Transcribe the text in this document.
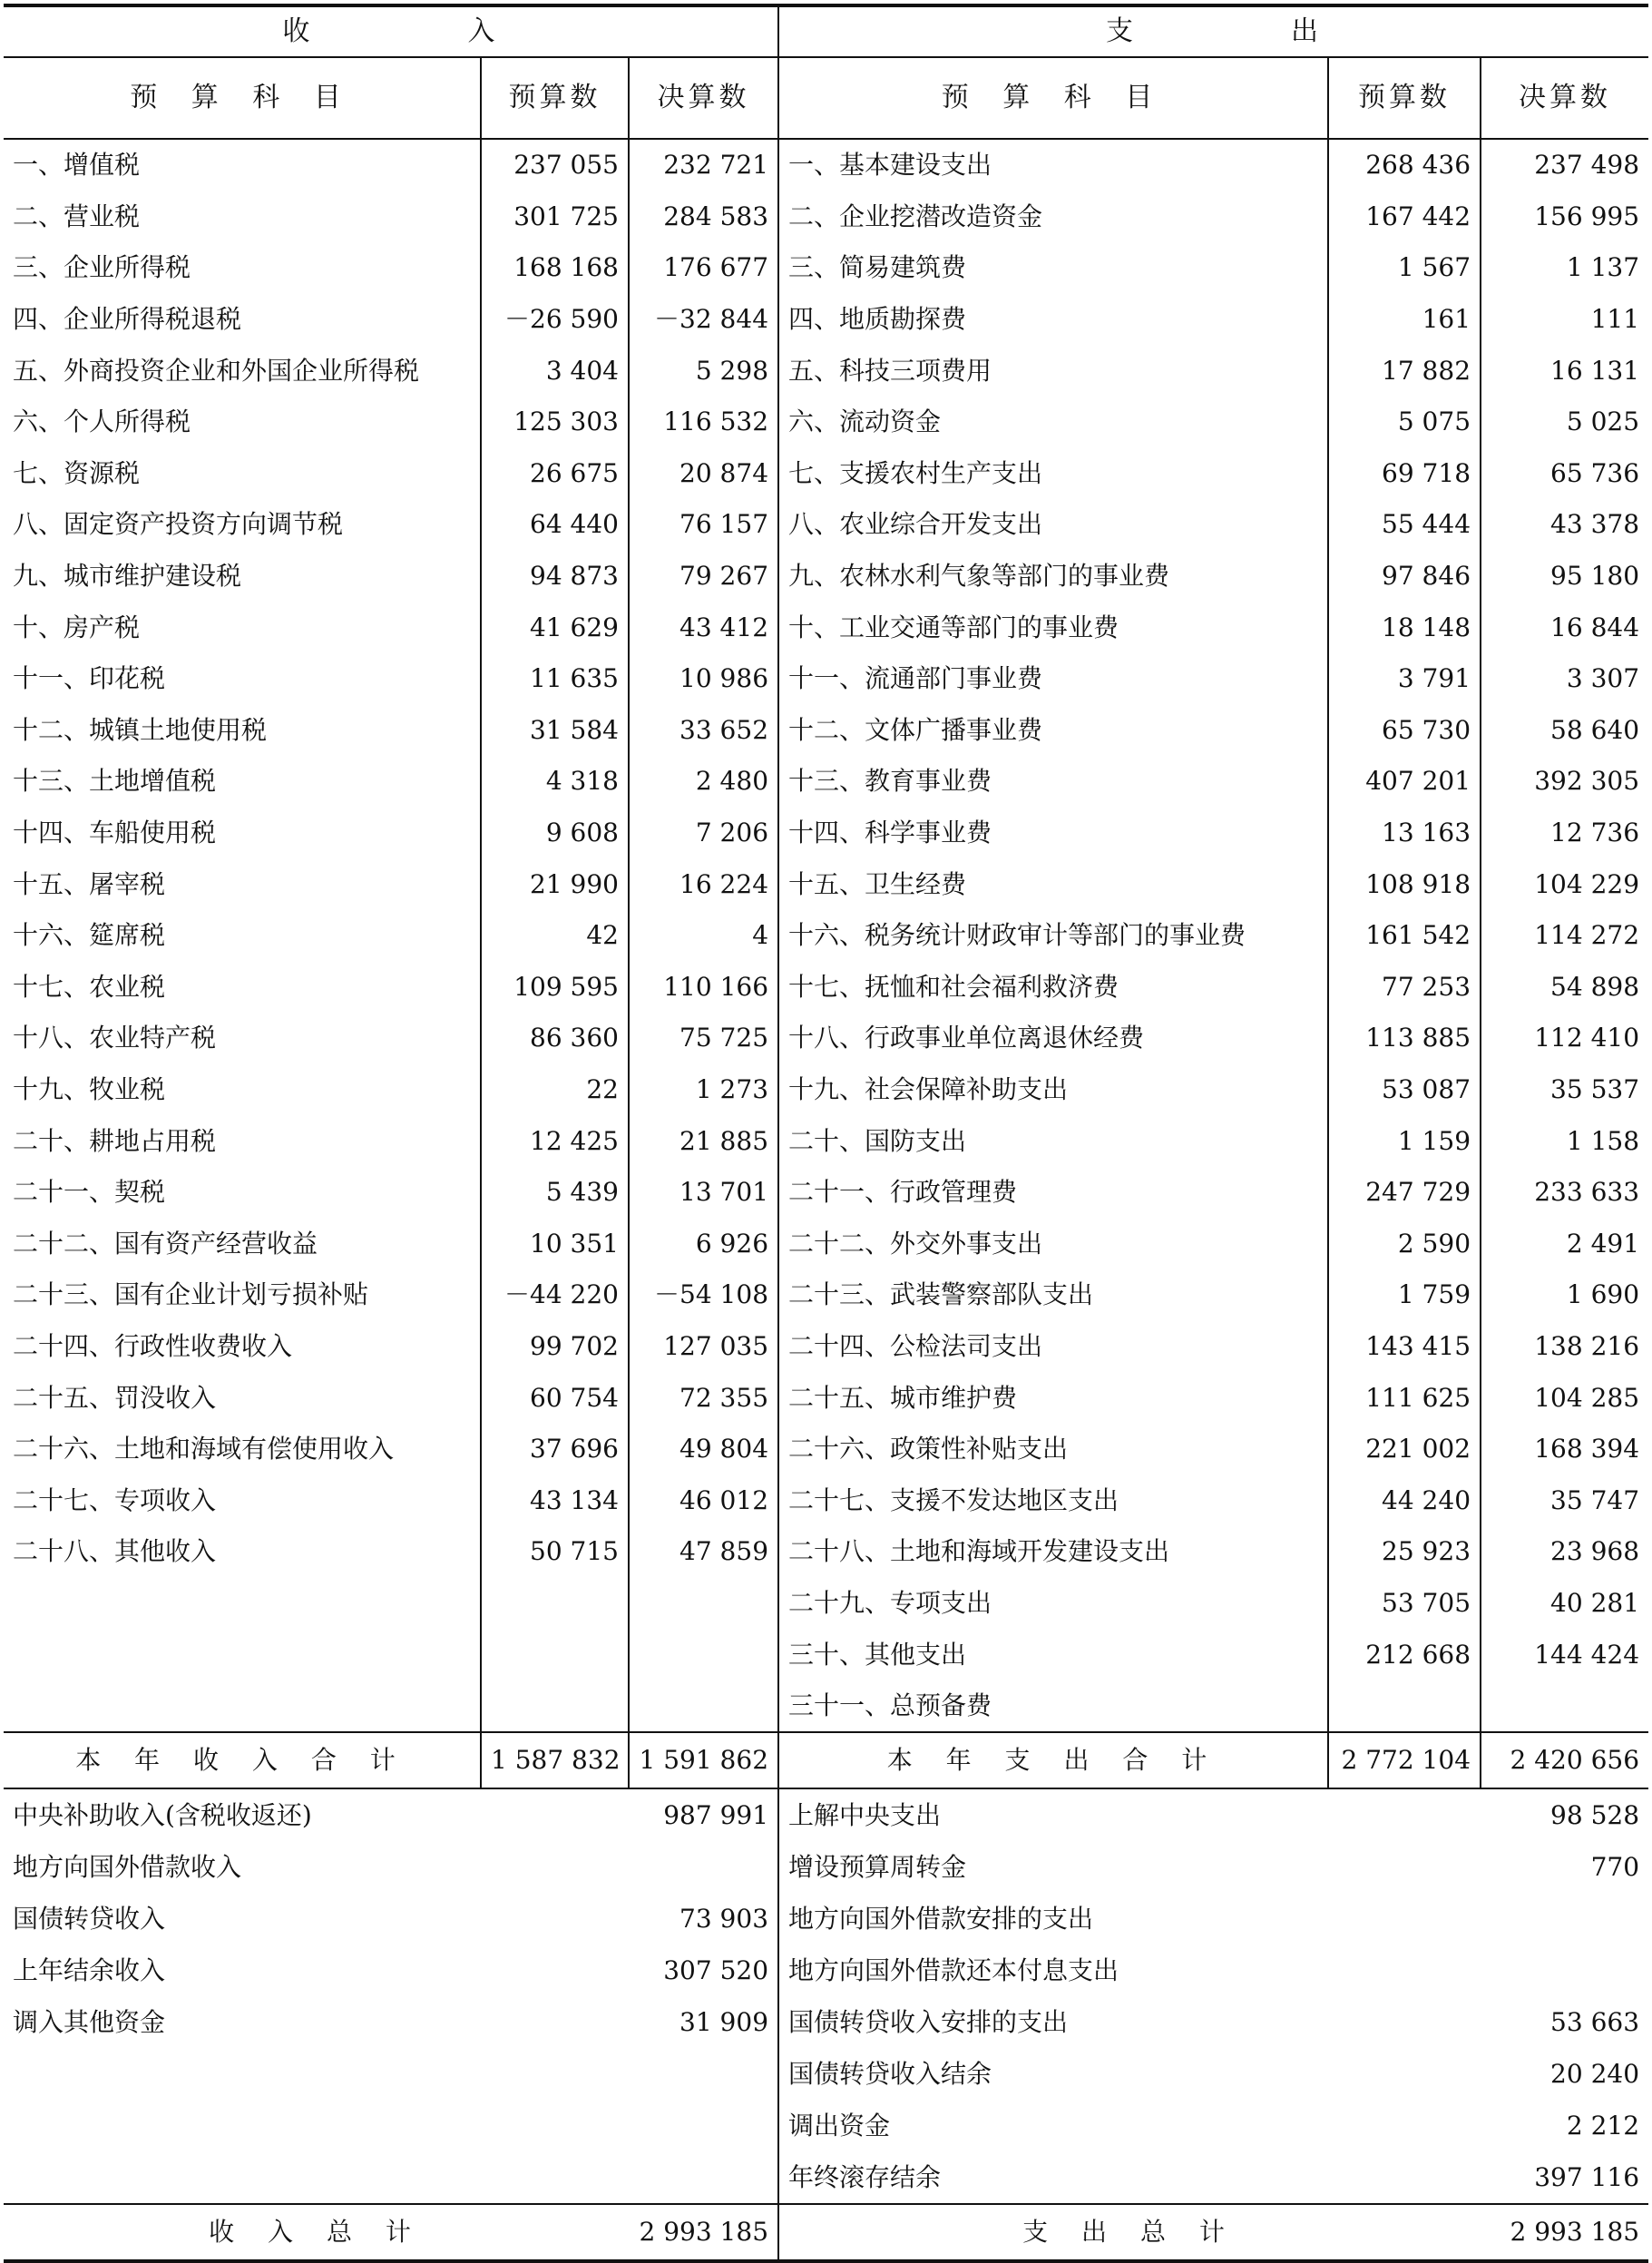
收　　　　　入			支　　　　　出		
预 算 科 目	预算数	决算数	预 算 科 目	预算数	决算数
一、增值税	237 055	232 721	一、基本建设支出	268 436	237 498
二、营业税	301 725	284 583	二、企业挖潜改造资金	167 442	156 995
三、企业所得税	168 168	176 677	三、简易建筑费	1 567	1 137
四、企业所得税退税	－26 590	－32 844	四、地质勘探费	161	111
五、外商投资企业和外国企业所得税	3 404	5 298	五、科技三项费用	17 882	16 131
六、个人所得税	125 303	116 532	六、流动资金	5 075	5 025
七、资源税	26 675	20 874	七、支援农村生产支出	69 718	65 736
八、固定资产投资方向调节税	64 440	76 157	八、农业综合开发支出	55 444	43 378
九、城市维护建设税	94 873	79 267	九、农林水利气象等部门的事业费	97 846	95 180
十、房产税	41 629	43 412	十、工业交通等部门的事业费	18 148	16 844
十一、印花税	11 635	10 986	十一、流通部门事业费	3 791	3 307
十二、城镇土地使用税	31 584	33 652	十二、文体广播事业费	65 730	58 640
十三、土地增值税	4 318	2 480	十三、教育事业费	407 201	392 305
十四、车船使用税	9 608	7 206	十四、科学事业费	13 163	12 736
十五、屠宰税	21 990	16 224	十五、卫生经费	108 918	104 229
十六、筵席税	42	4	十六、税务统计财政审计等部门的事业费	161 542	114 272
十七、农业税	109 595	110 166	十七、抚恤和社会福利救济费	77 253	54 898
十八、农业特产税	86 360	75 725	十八、行政事业单位离退休经费	113 885	112 410
十九、牧业税	22	1 273	十九、社会保障补助支出	53 087	35 537
二十、耕地占用税	12 425	21 885	二十、国防支出	1 159	1 158
二十一、契税	5 439	13 701	二十一、行政管理费	247 729	233 633
二十二、国有资产经营收益	10 351	6 926	二十二、外交外事支出	2 590	2 491
二十三、国有企业计划亏损补贴	－44 220	－54 108	二十三、武装警察部队支出	1 759	1 690
二十四、行政性收费收入	99 702	127 035	二十四、公检法司支出	143 415	138 216
二十五、罚没收入	60 754	72 355	二十五、城市维护费	111 625	104 285
二十六、土地和海域有偿使用收入	37 696	49 804	二十六、政策性补贴支出	221 002	168 394
二十七、专项收入	43 134	46 012	二十七、支援不发达地区支出	44 240	35 747
二十八、其他收入	50 715	47 859	二十八、土地和海域开发建设支出	25 923	23 968
			二十九、专项支出	53 705	40 281
			三十、其他支出	212 668	144 424
			三十一、总预备费		
本 年 收 入 合 计	1 587 832	1 591 862	本 年 支 出 合 计	2 772 104	2 420 656
中央补助收入(含税收返还)		987 991	上解中央支出		98 528
地方向国外借款收入			增设预算周转金		770
国债转贷收入		73 903	地方向国外借款安排的支出		
上年结余收入		307 520	地方向国外借款还本付息支出		
调入其他资金		31 909	国债转贷收入安排的支出		53 663
			国债转贷收入结余		20 240
			调出资金		2 212
			年终滚存结余		397 116
收 入 总 计		2 993 185	支 出 总 计		2 993 185
